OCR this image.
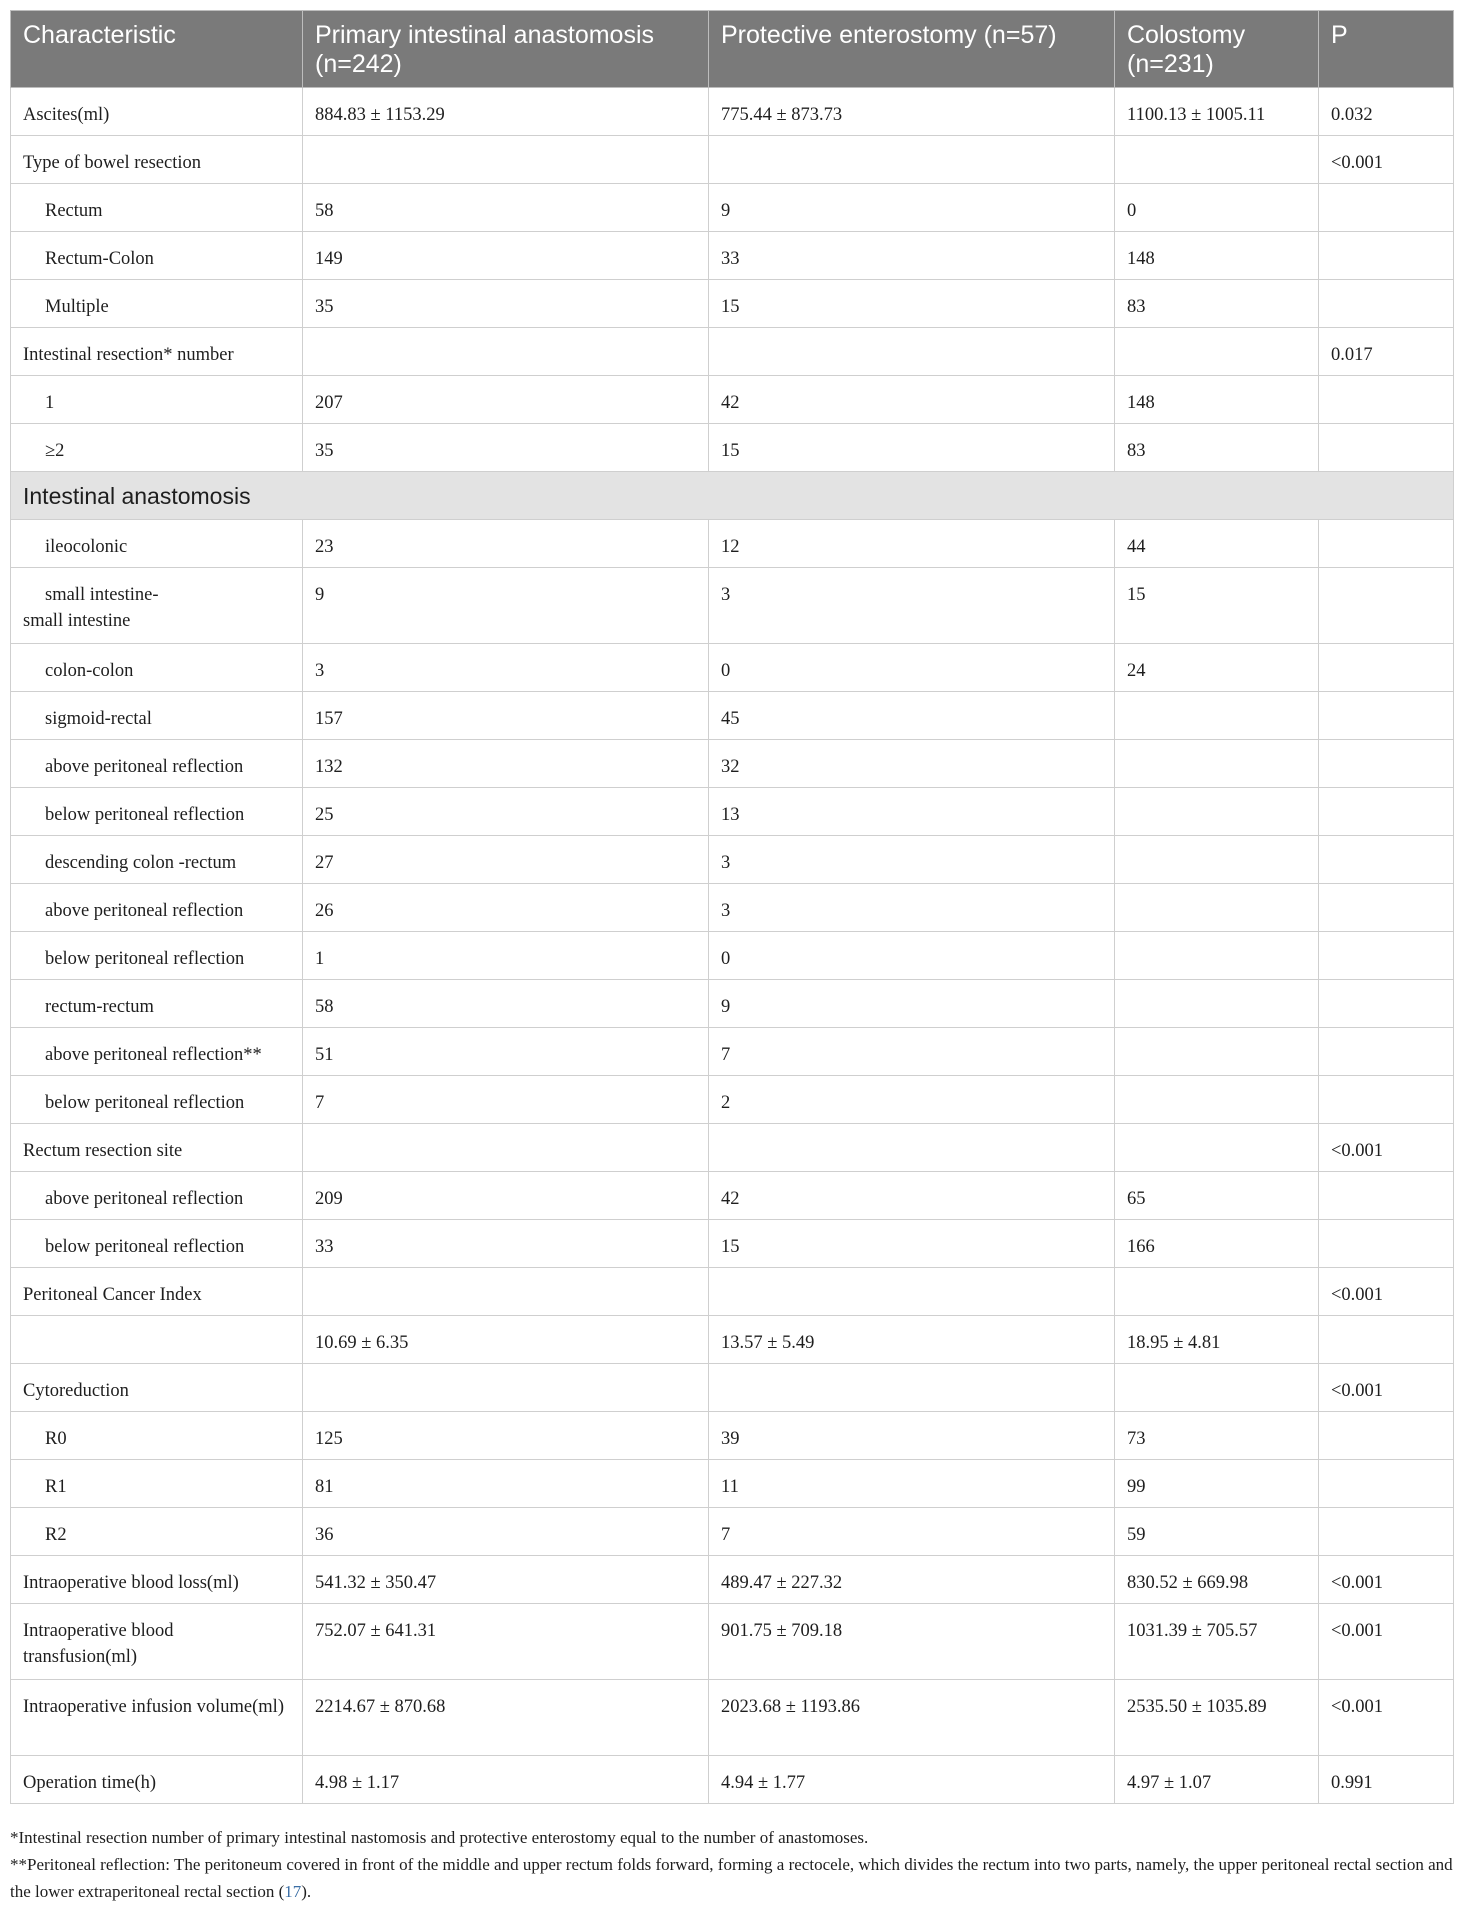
Characteristic	Primary intestinal anastomosis (n=242)	Protective enterostomy (n=57)	Colostomy (n=231)	P
Ascites(ml)	884.83 ± 1153.29	775.44 ± 873.73	1100.13 ± 1005.11	0.032
Type of bowel resection				<0.001
Rectum	58	9	0	
Rectum-Colon	149	33	148	
Multiple	35	15	83	
Intestinal resection* number				0.017
1	207	42	148	
≥2	35	15	83	
Intestinal anastomosis				
ileocolonic	23	12	44	
small intestine-
small intestine	9	3	15	
colon-colon	3	0	24	
sigmoid-rectal	157	45		
above peritoneal reflection	132	32		
below peritoneal reflection	25	13		
descending colon -rectum	27	3		
above peritoneal reflection	26	3		
below peritoneal reflection	1	0		
rectum-rectum	58	9		
above peritoneal reflection**	51	7		
below peritoneal reflection	7	2		
Rectum resection site				<0.001
above peritoneal reflection	209	42	65	
below peritoneal reflection	33	15	166	
Peritoneal Cancer Index				<0.001
	10.69 ± 6.35	13.57 ± 5.49	18.95 ± 4.81	
Cytoreduction				<0.001
R0	125	39	73	
R1	81	11	99	
R2	36	7	59	
Intraoperative blood loss(ml)	541.32 ± 350.47	489.47 ± 227.32	830.52 ± 669.98	<0.001
Intraoperative blood transfusion(ml)	752.07 ± 641.31	901.75 ± 709.18	1031.39 ± 705.57	<0.001
Intraoperative infusion volume(ml)	2214.67 ± 870.68	2023.68 ± 1193.86	2535.50 ± 1035.89	<0.001
Operation time(h)	4.98 ± 1.17	4.94 ± 1.77	4.97 ± 1.07	0.991
*Intestinal resection number of primary intestinal nastomosis and protective enterostomy equal to the number of anastomoses.
**Peritoneal reflection: The peritoneum covered in front of the middle and upper rectum folds forward, forming a rectocele, which divides the rectum into two parts, namely, the upper peritoneal rectal section and the lower extraperitoneal rectal section (17).
